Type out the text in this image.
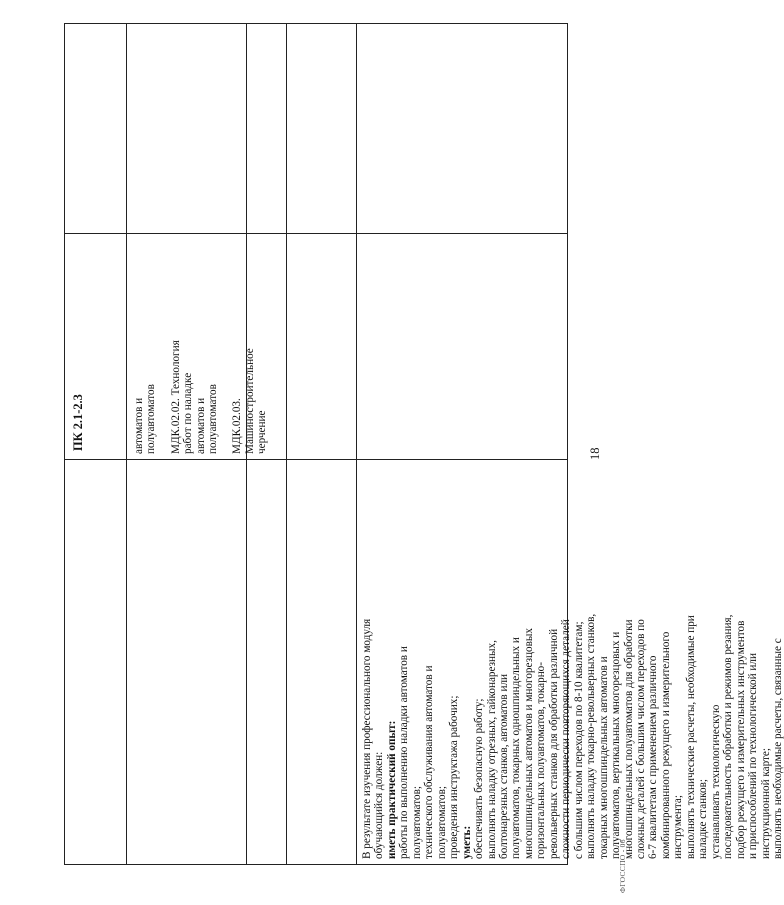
ПК 2.1-2.3	автоматов и полуавтоматов МДК.02.02. Технология работ по наладке автоматов и полуавтоматов МДК.02.03. Машиностроительное черчение

В результате изучения профессионального модуля обучающийся должен: иметь практический опыт: работы по выполнению наладки автоматов и полуавтоматов; технического обслуживания автоматов и полуавтоматов; проведения инструктажа рабочих; уметь: обеспечивать безопасную работу; выполнять наладку отрезных, гайконарезных, болтонарезных станков, автоматов или полуавтоматов, токарных одношпиндельных и многошпиндельных автоматов и многорезцовых горизонтальных полуавтоматов, токарно- револьверных станков для обработки различной сложности периодически повторяющихся деталей с большим числом переходов по 8-10 квалитетам; выполнять наладку токарно-револьверных станков, токарных многошпиндельных автоматов и полуавтоматов, вертикальных многорезцовых и многошпиндельных полуавтоматов для обработки сложных деталей с большим числом переходов по 6-7 квалитетам с применением различного комбинированного режущего и измерительного инструмента; выполнять технические расчеты, необходимые при наладке станков; устанавливать технологическую последовательность обработки и режимов резания, подбор режущего и измерительных инструментов и приспособлений по технологической или инструкционной карте; выполнять необходимые расчеты, связанные с

18
ФГОССПО - 06
